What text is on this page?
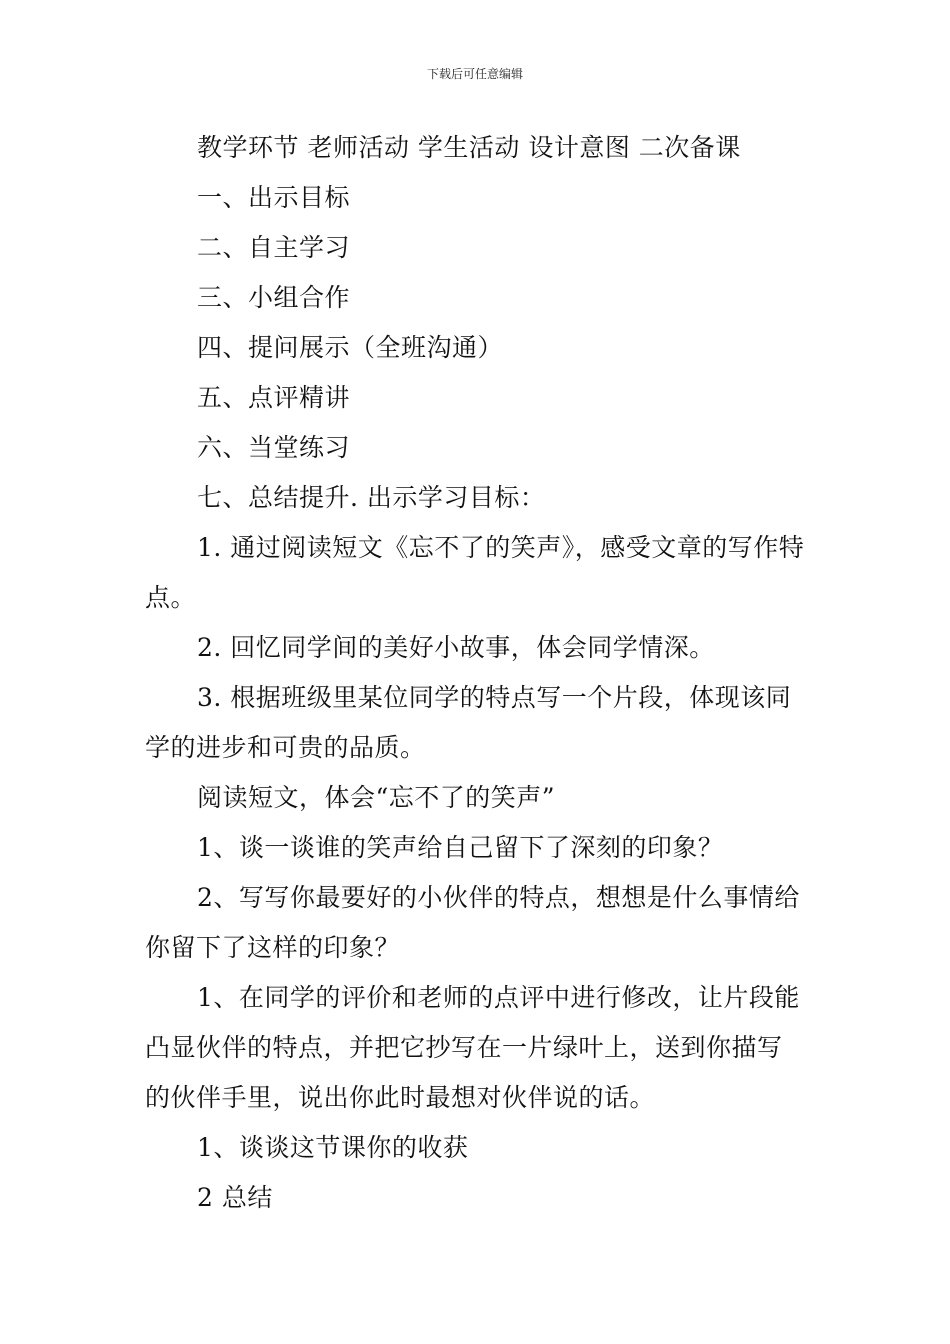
下载后可任意编辑

教学环节 老师活动 学生活动 设计意图 二次备课

一、出示目标

二、自主学习

三、小组合作

四、提问展示（全班沟通）

五、点评精讲

六、当堂练习

七、总结提升. 出示学习目标：

1. 通过阅读短文《忘不了的笑声》，感受文章的写作特点。

2. 回忆同学间的美好小故事，体会同学情深。

3. 根据班级里某位同学的特点写一个片段，体现该同学的进步和可贵的品质。

阅读短文，体会“忘不了的笑声”

1、谈一谈谁的笑声给自己留下了深刻的印象？

2、写写你最要好的小伙伴的特点，想想是什么事情给你留下了这样的印象？

1、在同学的评价和老师的点评中进行修改，让片段能凸显伙伴的特点，并把它抄写在一片绿叶上，送到你描写的伙伴手里，说出你此时最想对伙伴说的话。

1、谈谈这节课你的收获

2 总结
